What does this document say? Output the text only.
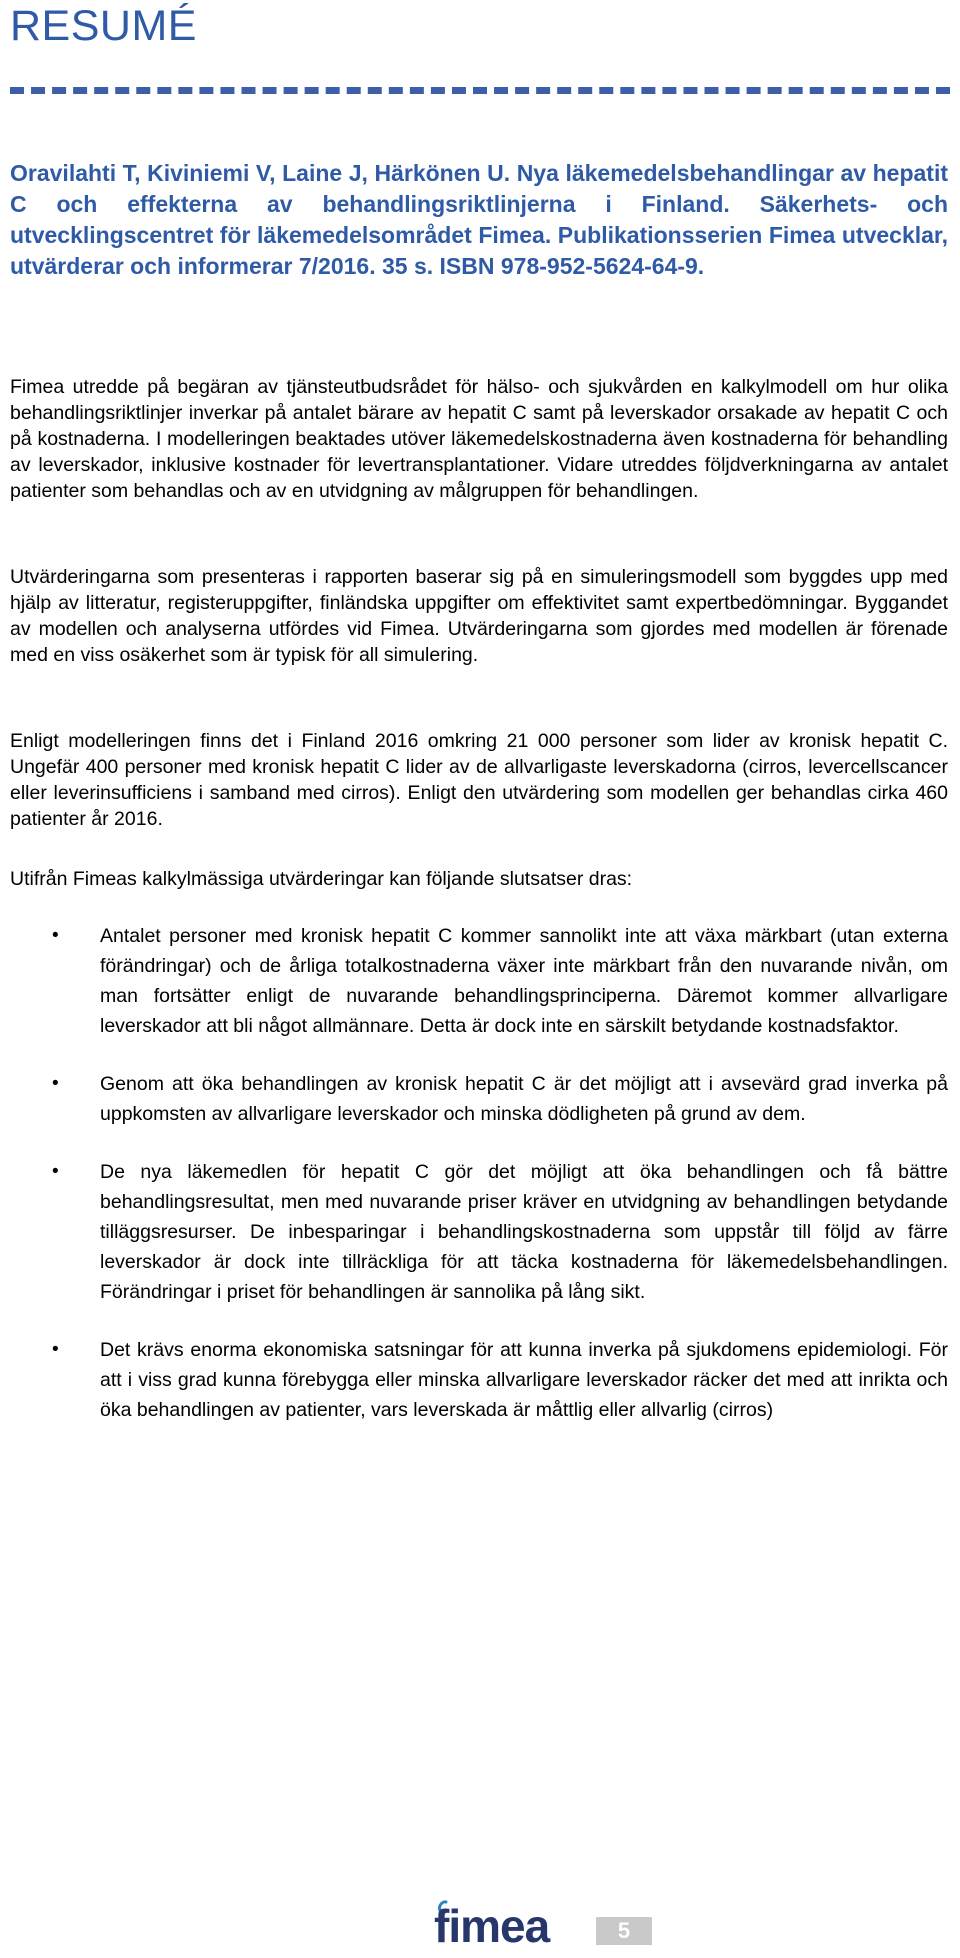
RESUMÉ

Oravilahti T, Kiviniemi V, Laine J, Härkönen U. Nya läkemedelsbehandlingar av hepatit C och effekterna av behandlingsriktlinjerna i Finland. Säkerhets- och utvecklingscentret för läkemedelsområdet Fimea. Publikationsserien Fimea utvecklar, utvärderar och informerar 7/2016. 35 s. ISBN 978-952-5624-64-9.

Fimea utredde på begäran av tjänsteutbudsrådet för hälso- och sjukvården en kalkylmodell om hur olika behandlingsriktlinjer inverkar på antalet bärare av hepatit C samt på leverskador orsakade av hepatit C och på kostnaderna. I modelleringen beaktades utöver läkemedelskostnaderna även kostnaderna för behandling av leverskador, inklusive kostnader för levertransplantationer. Vidare utreddes följdverkningarna av antalet patienter som behandlas och av en utvidgning av målgruppen för behandlingen.

Utvärderingarna som presenteras i rapporten baserar sig på en simuleringsmodell som byggdes upp med hjälp av litteratur, registeruppgifter, finländska uppgifter om effektivitet samt expertbedömningar. Byggandet av modellen och analyserna utfördes vid Fimea. Utvärderingarna som gjordes med modellen är förenade med en viss osäkerhet som är typisk för all simulering.

Enligt modelleringen finns det i Finland 2016 omkring 21 000 personer som lider av kronisk hepatit C. Ungefär 400 personer med kronisk hepatit C lider av de allvarligaste leverskadorna (cirros, levercellscancer eller leverinsufficiens i samband med cirros). Enligt den utvärdering som modellen ger behandlas cirka 460 patienter år 2016.

Utifrån Fimeas kalkylmässiga utvärderingar kan följande slutsatser dras:

• Antalet personer med kronisk hepatit C kommer sannolikt inte att växa märkbart (utan externa förändringar) och de årliga totalkostnaderna växer inte märkbart från den nuvarande nivån, om man fortsätter enligt de nuvarande behandlingsprinciperna. Däremot kommer allvarligare leverskador att bli något allmännare. Detta är dock inte en särskilt betydande kostnadsfaktor.
• Genom att öka behandlingen av kronisk hepatit C är det möjligt att i avsevärd grad inverka på uppkomsten av allvarligare leverskador och minska dödligheten på grund av dem.
• De nya läkemedlen för hepatit C gör det möjligt att öka behandlingen och få bättre behandlingsresultat, men med nuvarande priser kräver en utvidgning av behandlingen betydande tilläggsresurser. De inbesparingar i behandlingskostnaderna som uppstår till följd av färre leverskador är dock inte tillräckliga för att täcka kostnaderna för läkemedelsbehandlingen. Förändringar i priset för behandlingen är sannolika på lång sikt.
• Det krävs enorma ekonomiska satsningar för att kunna inverka på sjukdomens epidemiologi. För att i viss grad kunna förebygga eller minska allvarligare leverskador räcker det med att inrikta och öka behandlingen av patienter, vars leverskada är måttlig eller allvarlig (cirros)
fimea	5
